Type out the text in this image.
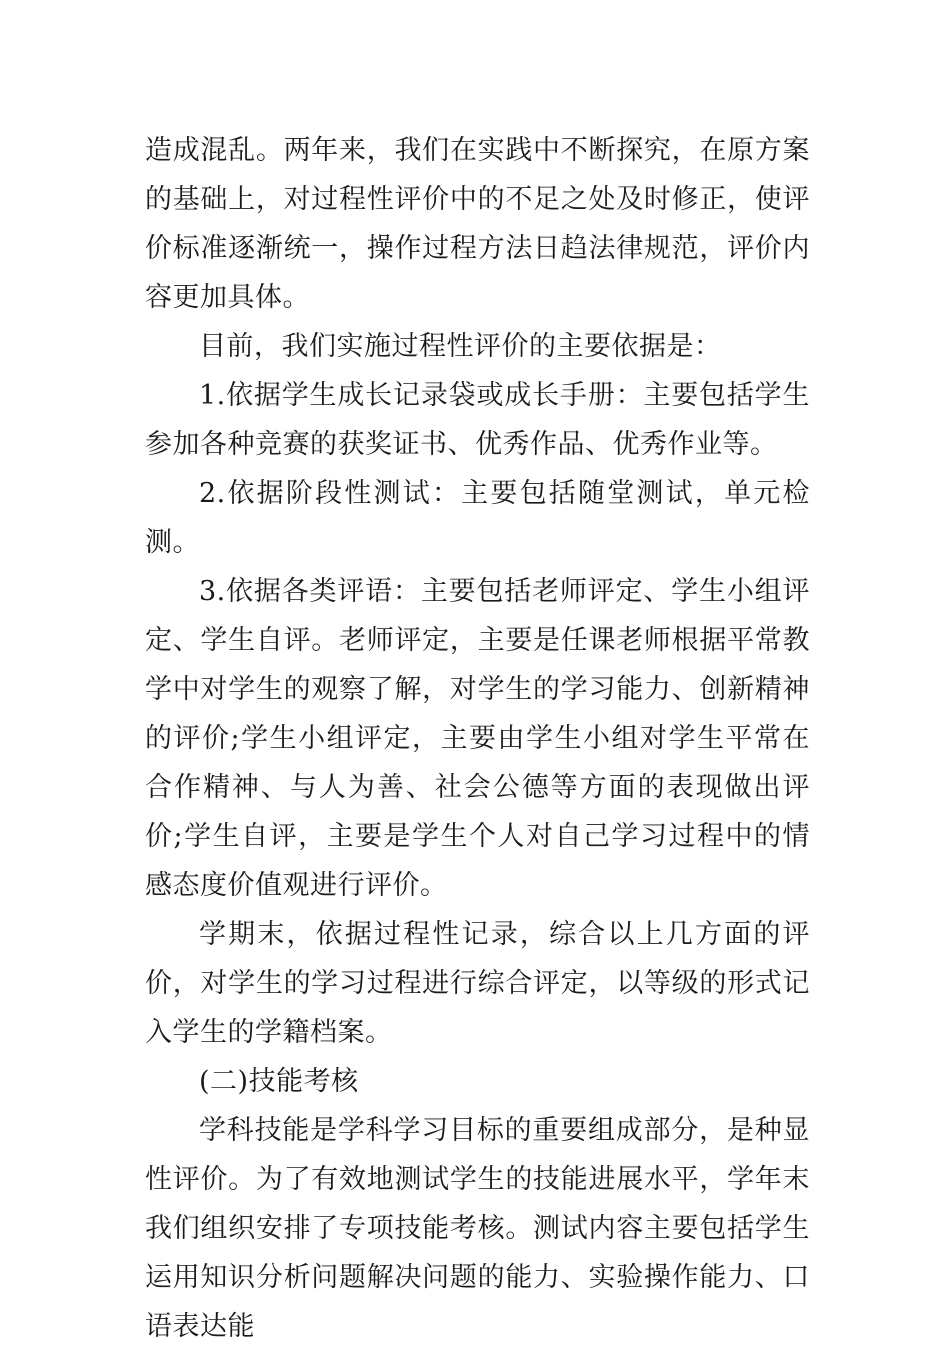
造成混乱。两年来，我们在实践中不断探究，在原方案的基础上，对过程性评价中的不足之处及时修正，使评价标准逐渐统一，操作过程方法日趋法律规范，评价内容更加具体。

目前，我们实施过程性评价的主要依据是：

1.依据学生成长记录袋或成长手册：主要包括学生参加各种竞赛的获奖证书、优秀作品、优秀作业等。

2.依据阶段性测试：主要包括随堂测试，单元检测。

3.依据各类评语：主要包括老师评定、学生小组评定、学生自评。老师评定，主要是任课老师根据平常教学中对学生的观察了解，对学生的学习能力、创新精神的评价;学生小组评定，主要由学生小组对学生平常在合作精神、与人为善、社会公德等方面的表现做出评价;学生自评，主要是学生个人对自己学习过程中的情感态度价值观进行评价。

学期末，依据过程性记录，综合以上几方面的评价，对学生的学习过程进行综合评定，以等级的形式记入学生的学籍档案。

(二)技能考核

学科技能是学科学习目标的重要组成部分，是种显性评价。为了有效地测试学生的技能进展水平，学年末我们组织安排了专项技能考核。测试内容主要包括学生运用知识分析问题解决问题的能力、实验操作能力、口语表达能
